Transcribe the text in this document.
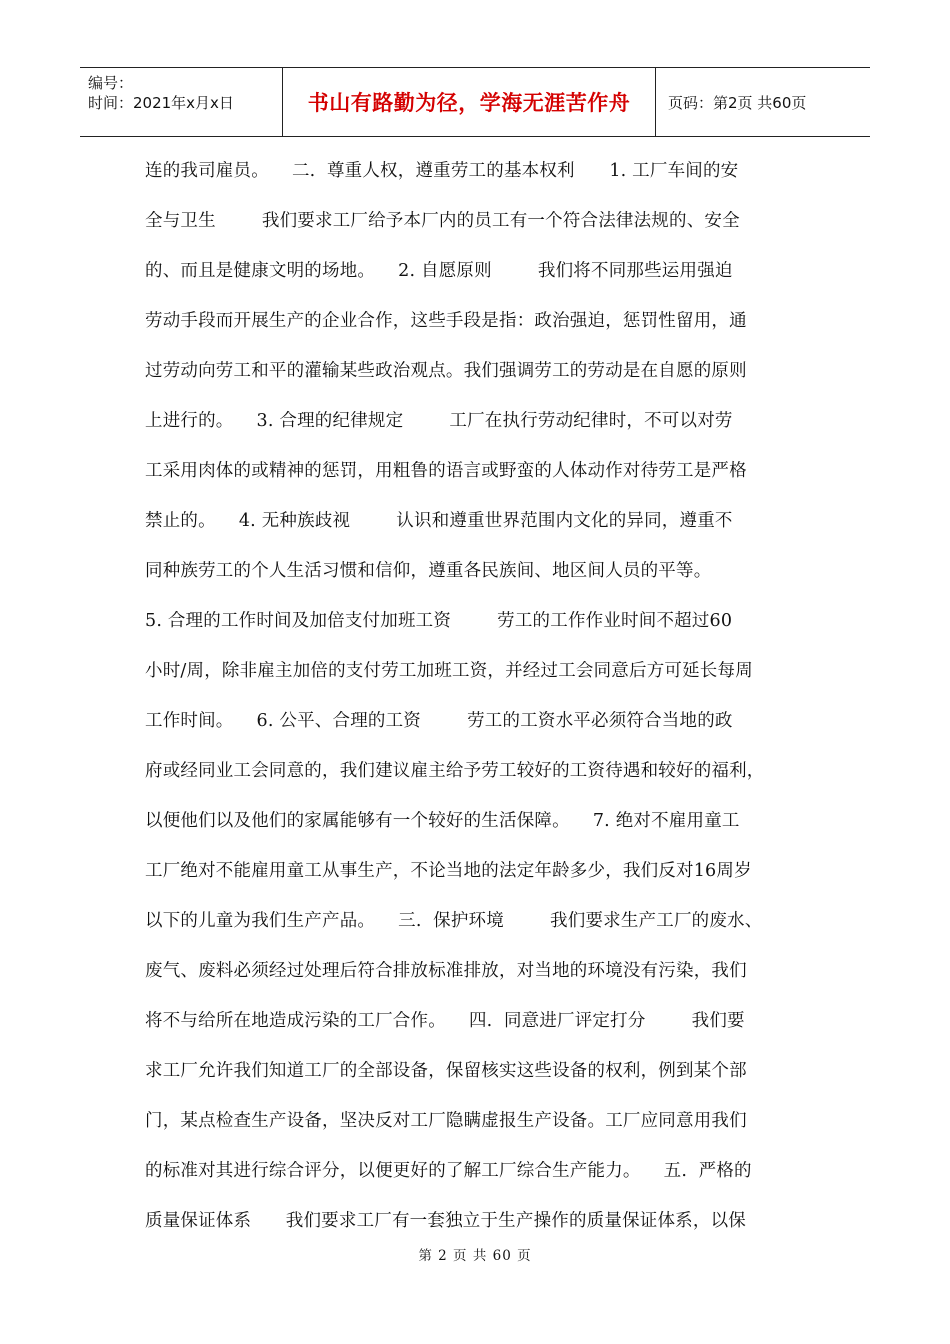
编号：
时间：2021年x月x日	书山有路勤为径，学海无涯苦作舟	页码：第2页 共60页
连的我司雇员。    二.  尊重人权，遵重劳工的基本权利      1. 工厂车间的安
全与卫生        我们要求工厂给予本厂内的员工有一个符合法律法规的、安全
的、而且是健康文明的场地。    2. 自愿原则        我们将不同那些运用强迫
劳动手段而开展生产的企业合作，这些手段是指：政治强迫，惩罚性留用，通
过劳动向劳工和平的灌输某些政治观点。我们强调劳工的劳动是在自愿的原则
上进行的。    3. 合理的纪律规定        工厂在执行劳动纪律时，不可以对劳
工采用肉体的或精神的惩罚，用粗鲁的语言或野蛮的人体动作对待劳工是严格
禁止的。    4. 无种族歧视        认识和遵重世界范围内文化的异同，遵重不
同种族劳工的个人生活习惯和信仰，遵重各民族间、地区间人员的平等。
5. 合理的工作时间及加倍支付加班工资        劳工的工作作业时间不超过60
小时/周，除非雇主加倍的支付劳工加班工资，并经过工会同意后方可延长每周
工作时间。    6. 公平、合理的工资        劳工的工资水平必须符合当地的政
府或经同业工会同意的，我们建议雇主给予劳工较好的工资待遇和较好的福利，
以便他们以及他们的家属能够有一个较好的生活保障。    7. 绝对不雇用童工
工厂绝对不能雇用童工从事生产，不论当地的法定年龄多少，我们反对16周岁
以下的儿童为我们生产产品。    三.  保护环境        我们要求生产工厂的废水、
废气、废料必须经过处理后符合排放标准排放，对当地的环境没有污染，我们
将不与给所在地造成污染的工厂合作。    四.  同意进厂评定打分        我们要
求工厂允许我们知道工厂的全部设备，保留核实这些设备的权利，例到某个部
门，某点检查生产设备，坚决反对工厂隐瞒虚报生产设备。工厂应同意用我们
的标准对其进行综合评分，以便更好的了解工厂综合生产能力。    五.  严格的
质量保证体系      我们要求工厂有一套独立于生产操作的质量保证体系，以保
第 2 页 共 60 页
